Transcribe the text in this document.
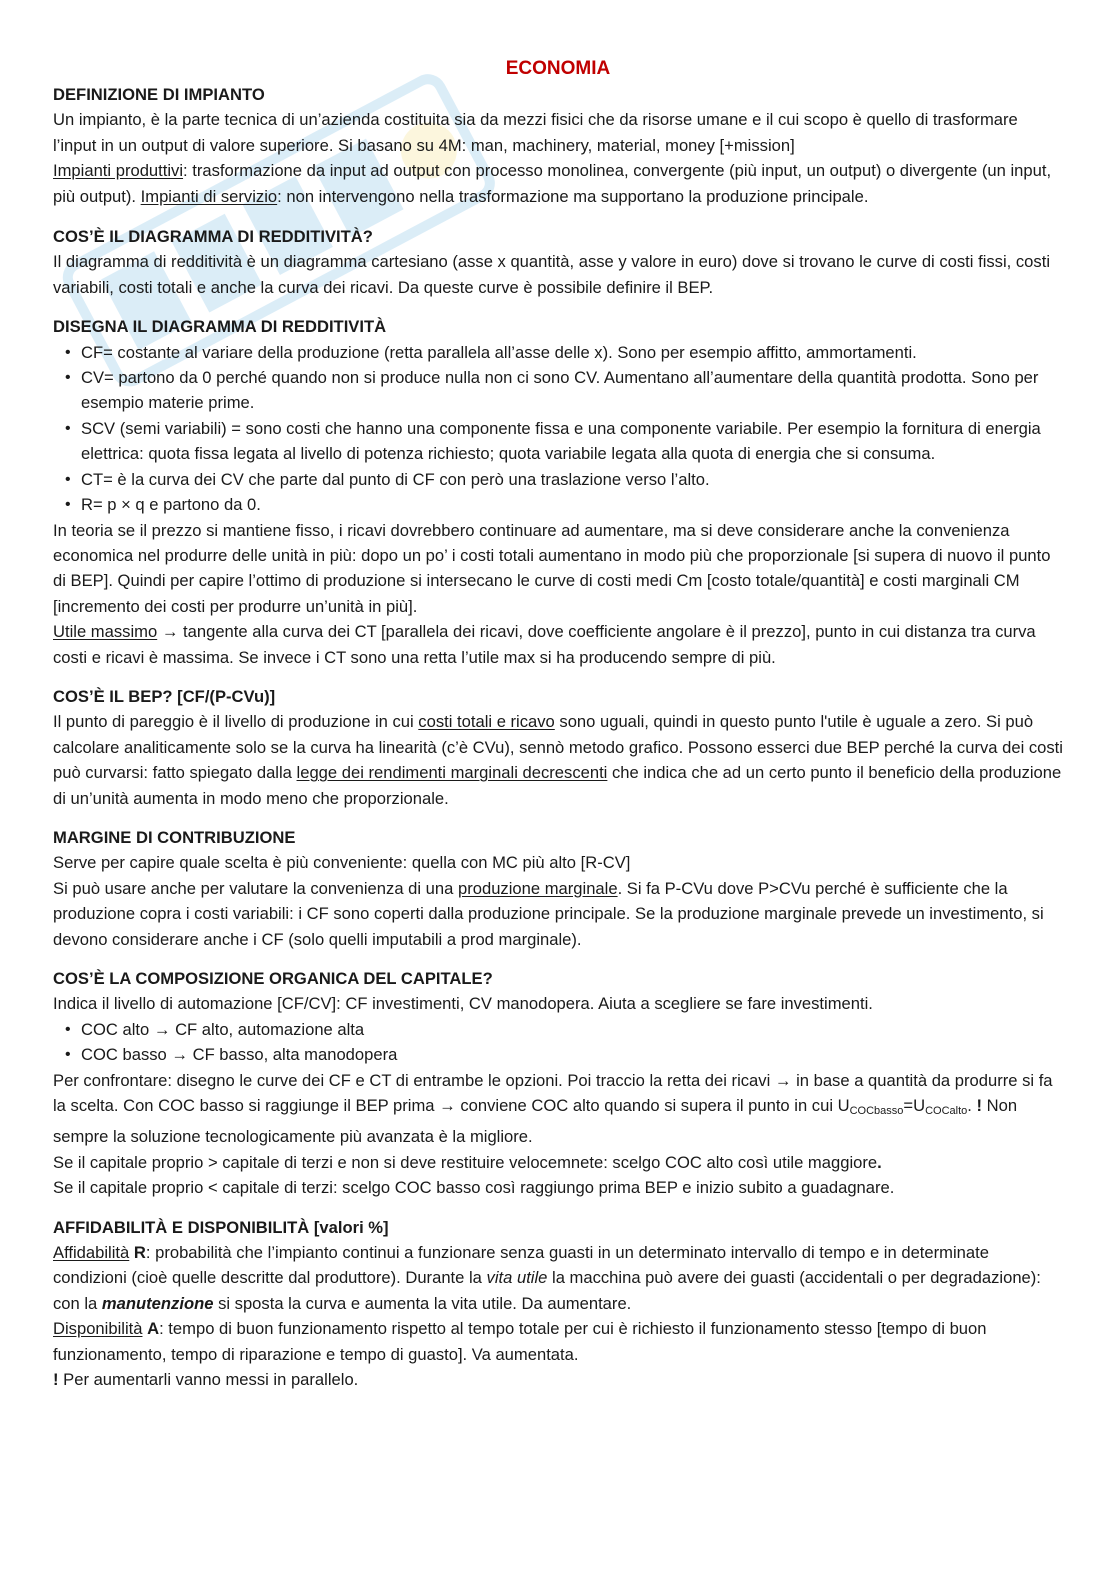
ECONOMIA

DEFINIZIONE DI IMPIANTO

Un impianto, è la parte tecnica di un’azienda costituita sia da mezzi fisici che da risorse umane e il cui scopo è quello di trasformare l’input in un output di valore superiore. Si basano su 4M: man, machinery, material, money [+mission]

Impianti produttivi: trasformazione da input ad output con processo monolinea, convergente (più input, un output) o divergente (un input, più output). Impianti di servizio: non intervengono nella trasformazione ma supportano la produzione principale.

COS’È IL DIAGRAMMA DI REDDITIVITÀ?

Il diagramma di redditività è un diagramma cartesiano (asse x quantità, asse y valore in euro) dove si trovano le curve di costi fissi, costi variabili, costi totali e anche la curva dei ricavi. Da queste curve è possibile definire il BEP.

DISEGNA IL DIAGRAMMA DI REDDITIVITÀ

• CF= costante al variare della produzione (retta parallela all’asse delle x). Sono per esempio affitto, ammortamenti.
• CV= partono da 0 perché quando non si produce nulla non ci sono CV. Aumentano all’aumentare della quantità prodotta. Sono per esempio materie prime.
• SCV (semi variabili) = sono costi che hanno una componente fissa e una componente variabile. Per esempio la fornitura di energia elettrica: quota fissa legata al livello di potenza richiesto; quota variabile legata alla quota di energia che si consuma.
• CT= è la curva dei CV che parte dal punto di CF con però una traslazione verso l’alto.
• R= p × q e partono da 0.

In teoria se il prezzo si mantiene fisso, i ricavi dovrebbero continuare ad aumentare, ma si deve considerare anche la convenienza economica nel produrre delle unità in più: dopo un po’ i costi totali aumentano in modo più che proporzionale [si supera di nuovo il punto di BEP]. Quindi per capire l’ottimo di produzione si intersecano le curve di costi medi Cm [costo totale/quantità] e costi marginali CM [incremento dei costi per produrre un’unità in più].

Utile massimo → tangente alla curva dei CT [parallela dei ricavi, dove coefficiente angolare è il prezzo], punto in cui distanza tra curva costi e ricavi è massima. Se invece i CT sono una retta l’utile max si ha producendo sempre di più.

COS’È IL BEP? [CF/(P-CVu)]

Il punto di pareggio è il livello di produzione in cui costi totali e ricavo sono uguali, quindi in questo punto l'utile è uguale a zero. Si può calcolare analiticamente solo se la curva ha linearità (c’è CVu), sennò metodo grafico. Possono esserci due BEP perché la curva dei costi può curvarsi: fatto spiegato dalla legge dei rendimenti marginali decrescenti che indica che ad un certo punto il beneficio della produzione di un’unità aumenta in modo meno che proporzionale.

MARGINE DI CONTRIBUZIONE

Serve per capire quale scelta è più conveniente: quella con MC più alto [R-CV]

Si può usare anche per valutare la convenienza di una produzione marginale. Si fa P-CVu dove P>CVu perché è sufficiente che la produzione copra i costi variabili: i CF sono coperti dalla produzione principale. Se la produzione marginale prevede un investimento, si devono considerare anche i CF (solo quelli imputabili a prod marginale).

COS’È LA COMPOSIZIONE ORGANICA DEL CAPITALE?

Indica il livello di automazione [CF/CV]: CF investimenti, CV manodopera. Aiuta a scegliere se fare investimenti.

• COC alto → CF alto, automazione alta
• COC basso → CF basso, alta manodopera

Per confrontare: disegno le curve dei CF e CT di entrambe le opzioni. Poi traccio la retta dei ricavi → in base a quantità da produrre si fa la scelta. Con COC basso si raggiunge il BEP prima → conviene COC alto quando si supera il punto in cui $U_{COCbasso}=U_{COCalto}$. ! Non sempre la soluzione tecnologicamente più avanzata è la migliore.

Se il capitale proprio > capitale di terzi e non si deve restituire velocemnete: scelgo COC alto così utile maggiore.

Se il capitale proprio < capitale di terzi: scelgo COC basso così raggiungo prima BEP e inizio subito a guadagnare.

AFFIDABILITÀ E DISPONIBILITÀ [valori %]

Affidabilità R: probabilità che l’impianto continui a funzionare senza guasti in un determinato intervallo di tempo e in determinate condizioni (cioè quelle descritte dal produttore). Durante la vita utile la macchina può avere dei guasti (accidentali o per degradazione): con la manutenzione si sposta la curva e aumenta la vita utile. Da aumentare.

Disponibilità A: tempo di buon funzionamento rispetto al tempo totale per cui è richiesto il funzionamento stesso [tempo di buon funzionamento, tempo di riparazione e tempo di guasto]. Va aumentata.

! Per aumentarli vanno messi in parallelo.
